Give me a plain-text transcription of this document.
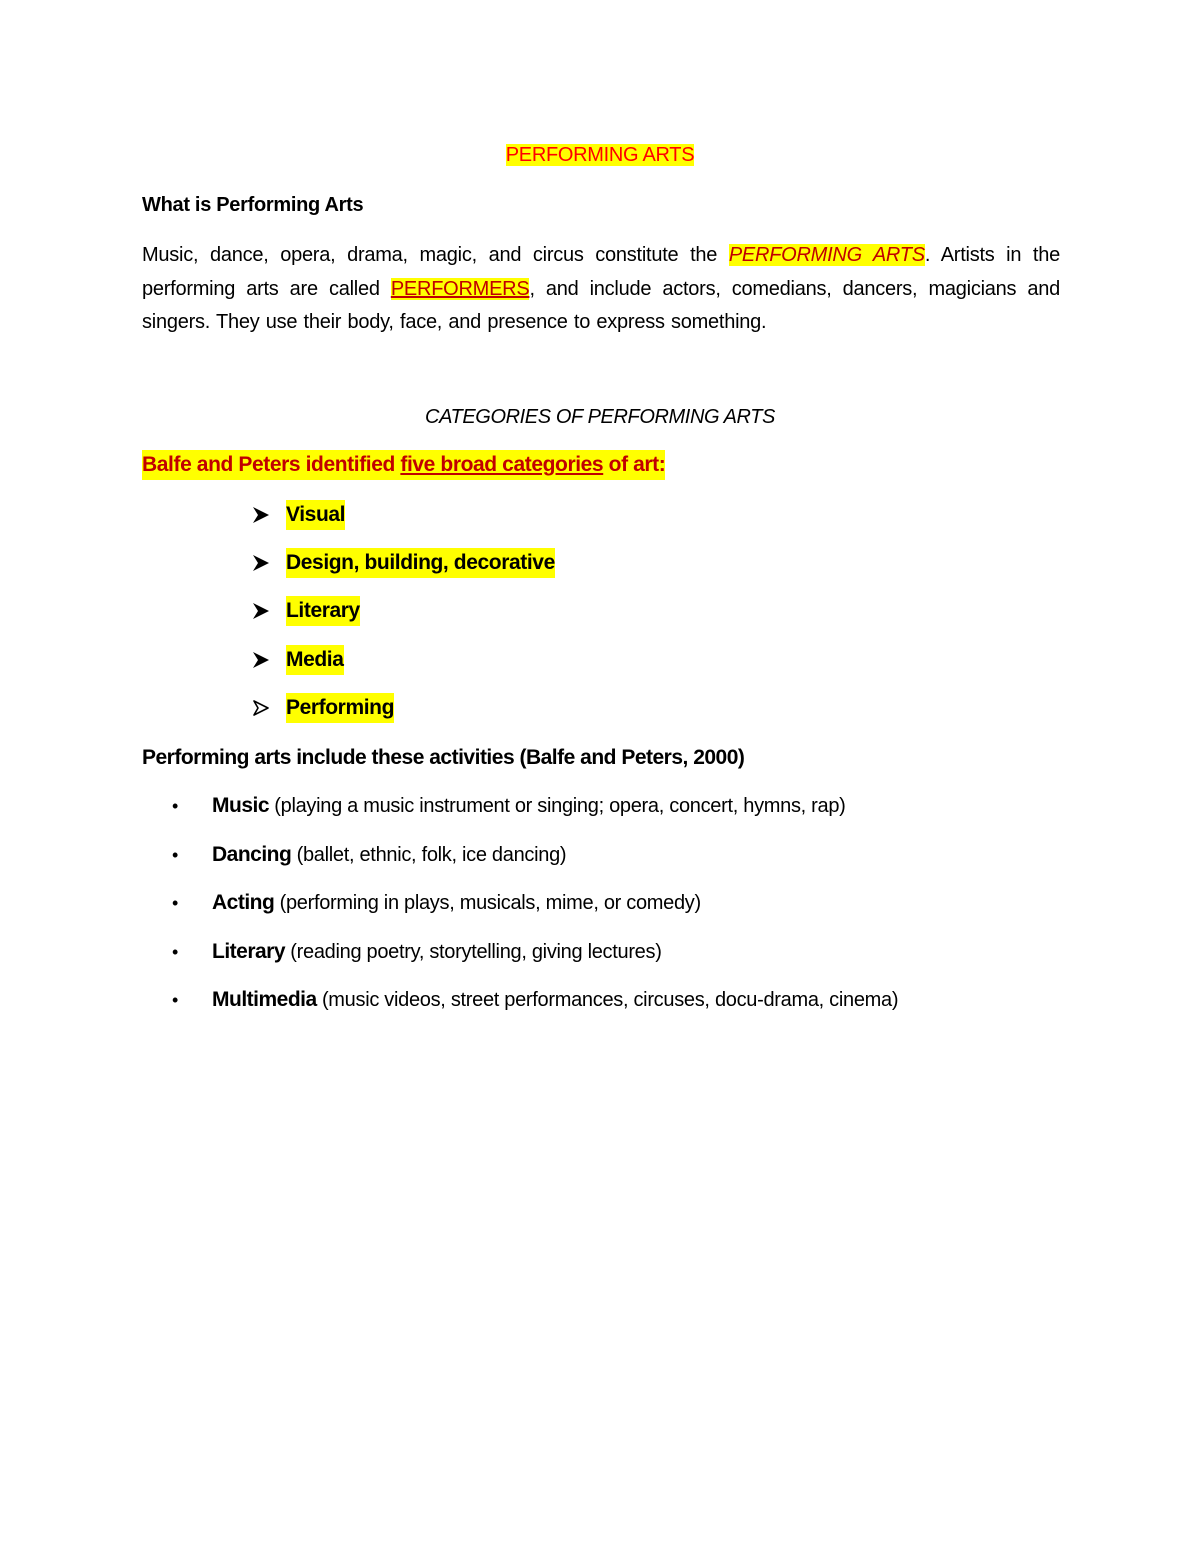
PERFORMING ARTS
What is Performing Arts
Music, dance, opera, drama, magic, and circus constitute the PERFORMING ARTS. Artists in the performing arts are called PERFORMERS, and include actors, comedians, dancers, magicians and singers. They use their body, face, and presence to express something.
CATEGORIES OF PERFORMING ARTS
Balfe and Peters identified five broad categories of art:
Visual
Design, building, decorative
Literary
Media
Performing
Performing arts include these activities (Balfe and Peters, 2000)
• Music (playing a music instrument or singing; opera, concert, hymns, rap)
• Dancing (ballet, ethnic, folk, ice dancing)
• Acting (performing in plays, musicals, mime, or comedy)
• Literary (reading poetry, storytelling, giving lectures)
• Multimedia (music videos, street performances, circuses, docu-drama, cinema)
